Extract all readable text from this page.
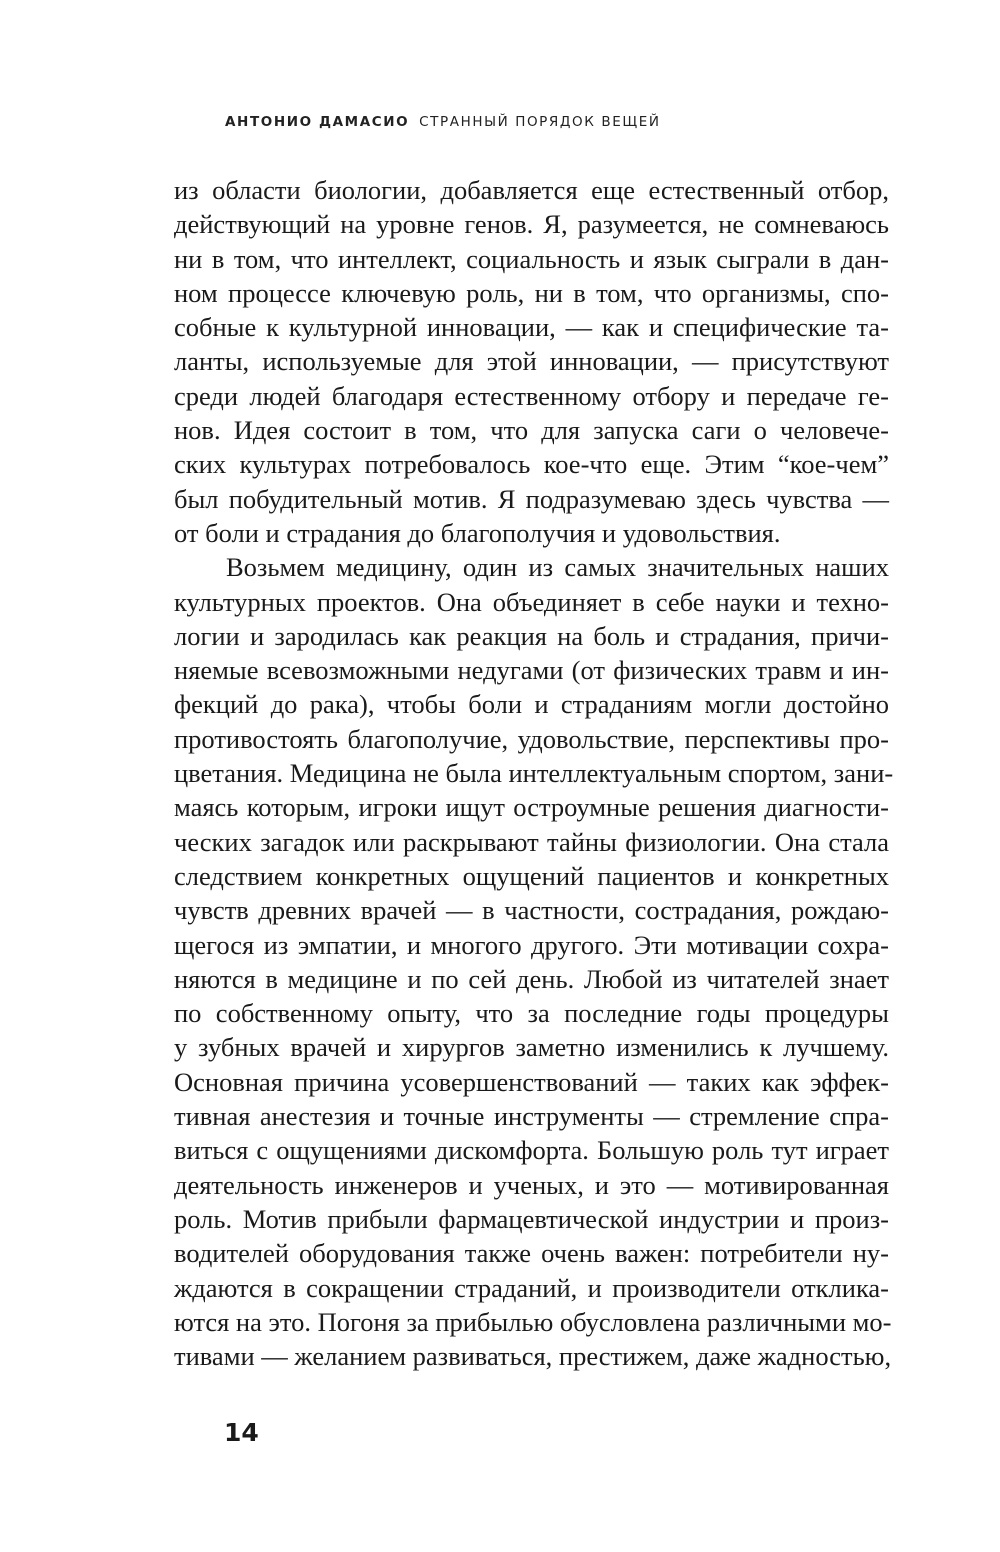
АНТОНИО ДАМАСИО СТРАННЫЙ ПОРЯДОК ВЕЩЕЙ
из области биологии, добавляется еще естественный отбор,
действующий на уровне генов. Я, разумеется, не сомневаюсь
ни в том, что интеллект, социальность и язык сыграли в дан-
ном процессе ключевую роль, ни в том, что организмы, спо-
собные к культурной инновации, — как и специфические та-
ланты, используемые для этой инновации, — присутствуют
среди людей благодаря естественному отбору и передаче ге-
нов. Идея состоит в том, что для запуска саги о человече-
ских культурах потребовалось кое-что еще. Этим “кое-чем”
был побудительный мотив. Я подразумеваю здесь чувства —
от боли и страдания до благополучия и удовольствия.
Возьмем медицину, один из самых значительных наших
культурных проектов. Она объединяет в себе науки и техно-
логии и зародилась как реакция на боль и страдания, причи-
няемые всевозможными недугами (от физических травм и ин-
фекций до рака), чтобы боли и страданиям могли достойно
противостоять благополучие, удовольствие, перспективы про-
цветания. Медицина не была интеллектуальным спортом, зани-
маясь которым, игроки ищут остроумные решения диагности-
ческих загадок или раскрывают тайны физиологии. Она стала
следствием конкретных ощущений пациентов и конкретных
чувств древних врачей — в частности, сострадания, рождаю-
щегося из эмпатии, и многого другого. Эти мотивации сохра-
няются в медицине и по сей день. Любой из читателей знает
по собственному опыту, что за последние годы процедуры
у зубных врачей и хирургов заметно изменились к лучшему.
Основная причина усовершенствований — таких как эффек-
тивная анестезия и точные инструменты — стремление спра-
виться с ощущениями дискомфорта. Большую роль тут играет
деятельность инженеров и ученых, и это — мотивированная
роль. Мотив прибыли фармацевтической индустрии и произ-
водителей оборудования также очень важен: потребители ну-
ждаются в сокращении страданий, и производители отклика-
ются на это. Погоня за прибылью обусловлена различными мо-
тивами — желанием развиваться, престижем, даже жадностью,
14
